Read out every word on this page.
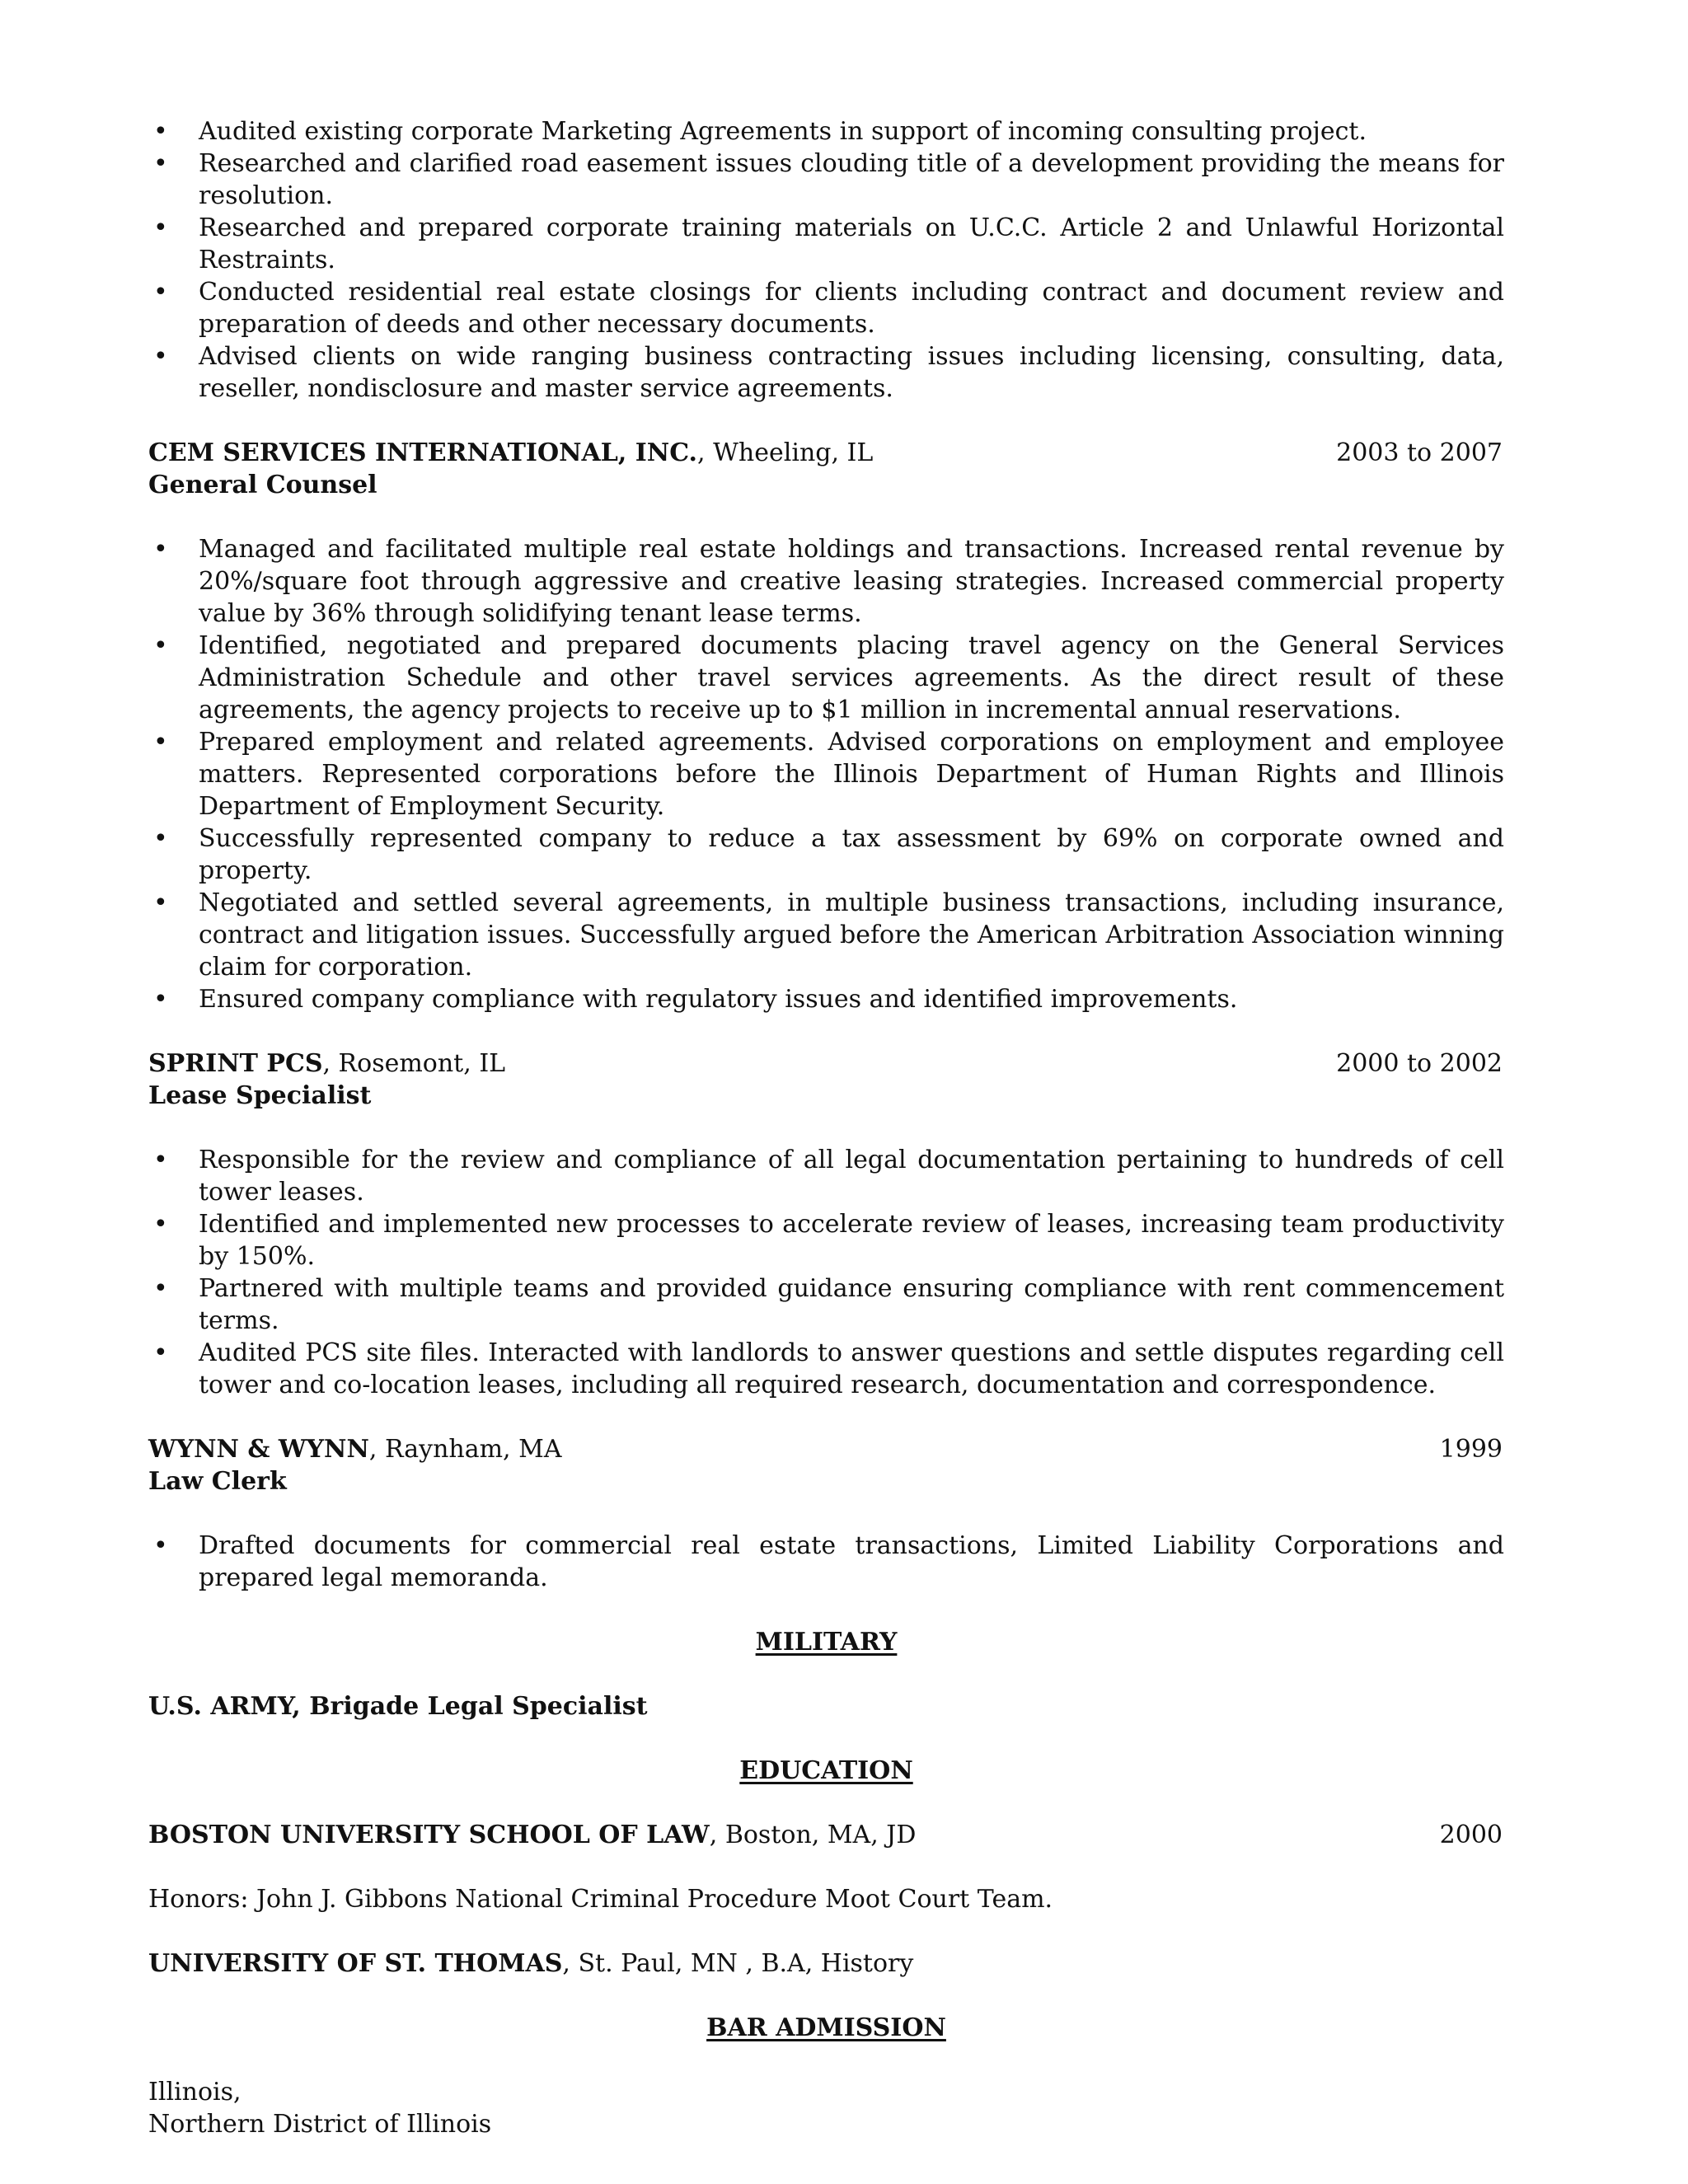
• Audited existing corporate Marketing Agreements in support of incoming consulting project.
• Researched and clarified road easement issues clouding title of a development providing the means for resolution.
• Researched and prepared corporate training materials on U.C.C. Article 2 and Unlawful Horizontal Restraints.
• Conducted residential real estate closings for clients including contract and document review and preparation of deeds and other necessary documents.
• Advised clients on wide ranging business contracting issues including licensing, consulting, data, reseller, nondisclosure and master service agreements.
CEM SERVICES INTERNATIONAL, INC., Wheeling, IL	2003 to 2007
General Counsel
• Managed and facilitated multiple real estate holdings and transactions. Increased rental revenue by 20%/square foot through aggressive and creative leasing strategies. Increased commercial property value by 36% through solidifying tenant lease terms.
• Identified, negotiated and prepared documents placing travel agency on the General Services Administration Schedule and other travel services agreements. As the direct result of these agreements, the agency projects to receive up to $1 million in incremental annual reservations.
• Prepared employment and related agreements. Advised corporations on employment and employee matters. Represented corporations before the Illinois Department of Human Rights and Illinois Department of Employment Security.
• Successfully represented company to reduce a tax assessment by 69% on corporate owned and property.
• Negotiated and settled several agreements, in multiple business transactions, including insurance, contract and litigation issues. Successfully argued before the American Arbitration Association winning claim for corporation.
• Ensured company compliance with regulatory issues and identified improvements.
SPRINT PCS, Rosemont, IL	2000 to 2002
Lease Specialist
• Responsible for the review and compliance of all legal documentation pertaining to hundreds of cell tower leases.
• Identified and implemented new processes to accelerate review of leases, increasing team productivity by 150%.
• Partnered with multiple teams and provided guidance ensuring compliance with rent commencement terms.
• Audited PCS site files. Interacted with landlords to answer questions and settle disputes regarding cell tower and co-location leases, including all required research, documentation and correspondence.
WYNN & WYNN, Raynham, MA	1999
Law Clerk
• Drafted documents for commercial real estate transactions, Limited Liability Corporations and prepared legal memoranda.
MILITARY
U.S. ARMY, Brigade Legal Specialist
EDUCATION
BOSTON UNIVERSITY SCHOOL OF LAW, Boston, MA, JD	2000
Honors: John J. Gibbons National Criminal Procedure Moot Court Team.
UNIVERSITY OF ST. THOMAS, St. Paul, MN , B.A, History
BAR ADMISSION
Illinois,
Northern District of Illinois
